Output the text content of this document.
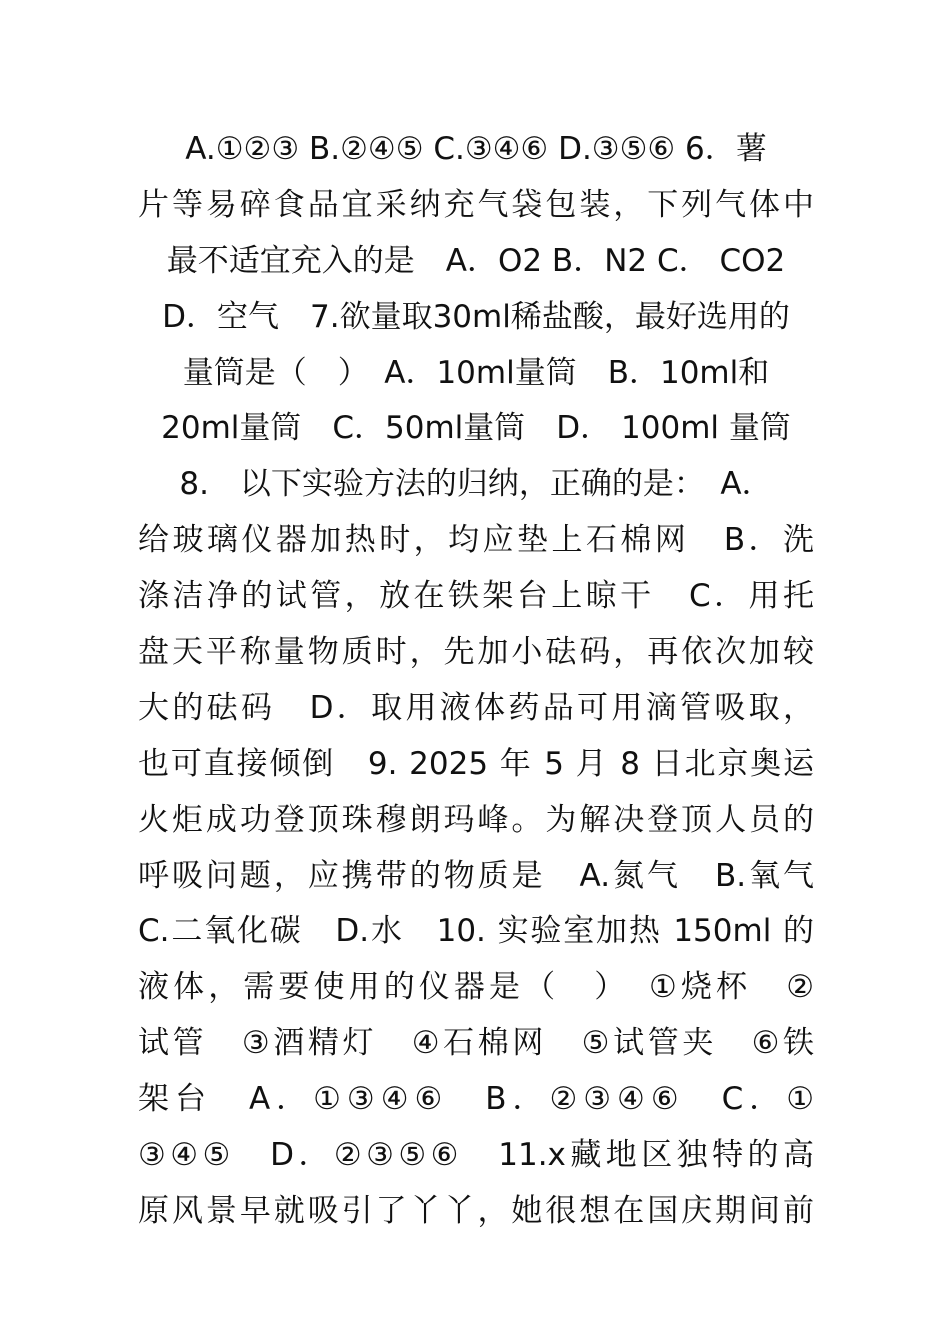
A.①②③ B.②④⑤ C.③④⑥ D.③⑤⑥ 6．薯
片等易碎食品宜采纳充气袋包装，下列气体中
最不适宜充入的是　A．O2 B．N2 C． CO2
D．空气　7.欲量取30ml稀盐酸，最好选用的
量筒是（　）　A．10ml量筒　B．10ml和
20ml量筒　C．50ml量筒　D． 100ml 量筒
8.　以下实验方法的归纳，正确的是：　A．
给玻璃仪器加热时，均应垫上石棉网　B．洗
涤洁净的试管，放在铁架台上晾干　C．用托
盘天平称量物质时，先加小砝码，再依次加较
大的砝码　D．取用液体药品可用滴管吸取，
也可直接倾倒　9. 2025 年 5 月 8 日北京奥运
火炬成功登顶珠穆朗玛峰。为解决登顶人员的
呼吸问题，应携带的物质是　A.氮气　B.氧气
C.二氧化碳　D.水　10. 实验室加热 150ml 的
液体，需要使用的仪器是（　）　①烧杯　②
试管　③酒精灯　④石棉网　⑤试管夹　⑥铁
架台　A．①③④⑥　B．②③④⑥　C．①
③④⑤　D．②③⑤⑥　11.x藏地区独特的高
原风景早就吸引了丫丫，她很想在国庆期间前
